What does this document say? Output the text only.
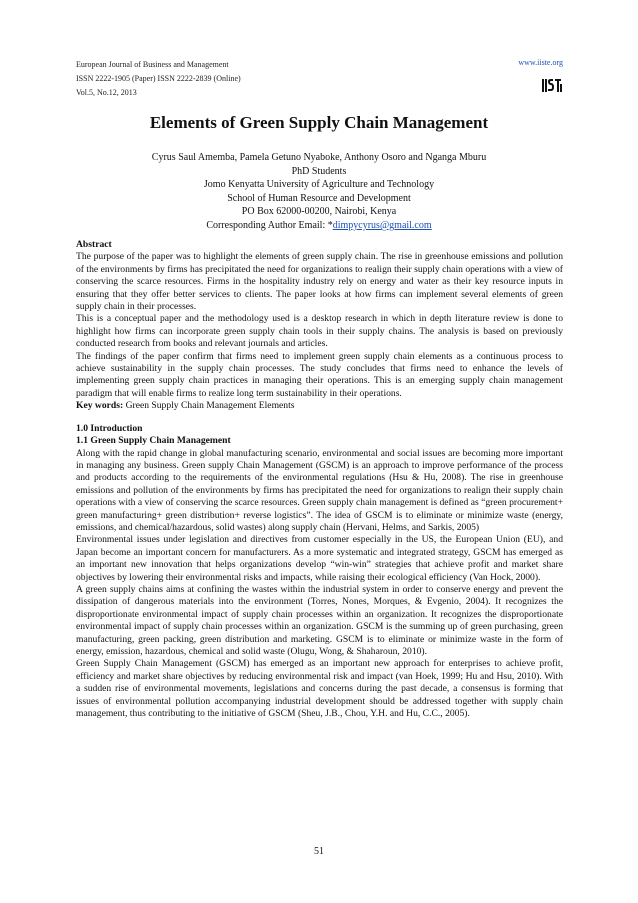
European Journal of Business and Management
ISSN 2222-1905 (Paper) ISSN 2222-2839 (Online)
Vol.5, No.12, 2013
www.iiste.org
Elements of Green Supply Chain Management
Cyrus Saul Amemba, Pamela Getuno Nyaboke, Anthony Osoro and Nganga Mburu
PhD Students
Jomo Kenyatta University of Agriculture and Technology
School of Human Resource and Development
PO Box 62000-00200, Nairobi, Kenya
Corresponding Author Email: *dimpycyrus@gmail.com

Abstract

The purpose of the paper was to highlight the elements of green supply chain. The rise in greenhouse emissions and pollution of the environments by firms has precipitated the need for organizations to realign their supply chain operations with a view of conserving the scarce resources. Firms in the hospitality industry rely on energy and water as their key resource inputs in ensuring that they offer better services to clients. The paper looks at how firms can implement several elements of green supply chain in their processes.

This is a conceptual paper and the methodology used is a desktop research in which in depth literature review is done to highlight how firms can incorporate green supply chain tools in their supply chains. The analysis is based on previously conducted research from books and relevant journals and articles.

The findings of the paper confirm that firms need to implement green supply chain elements as a continuous process to achieve sustainability in the supply chain processes. The study concludes that firms need to enhance the levels of implementing green supply chain practices in managing their operations. This is an emerging supply chain management paradigm that will enable firms to realize long term sustainability in their operations.

Key words: Green Supply Chain Management Elements

1.0 Introduction

1.1 Green Supply Chain Management

Along with the rapid change in global manufacturing scenario, environmental and social issues are becoming more important in managing any business. Green supply Chain Management (GSCM) is an approach to improve performance of the process and products according to the requirements of the environmental regulations (Hsu & Hu, 2008). The rise in greenhouse emissions and pollution of the environments by firms has precipitated the need for organizations to realign their supply chain operations with a view of conserving the scarce resources. Green supply chain management is defined as “green procurement+ green manufacturing+ green distribution+ reverse logistics”. The idea of GSCM is to eliminate or minimize waste (energy, emissions, and chemical/hazardous, solid wastes) along supply chain (Hervani, Helms, and Sarkis, 2005)

Environmental issues under legislation and directives from customer especially in the US, the European Union (EU), and Japan become an important concern for manufacturers. As a more systematic and integrated strategy, GSCM has emerged as an important new innovation that helps organizations develop “win-win” strategies that achieve profit and market share objectives by lowering their environmental risks and impacts, while raising their ecological efficiency (Van Hock, 2000).

A green supply chains aims at confining the wastes within the industrial system in order to conserve energy and prevent the dissipation of dangerous materials into the environment (Torres, Nones, Morques, & Evgenio, 2004). It recognizes the disproportionate environmental impact of supply chain processes within an organization. It recognizes the disproportionate environmental impact of supply chain processes within an organization. GSCM is the summing up of green purchasing, green manufacturing, green packing, green distribution and marketing. GSCM is to eliminate or minimize waste in the form of energy, emission, hazardous, chemical and solid waste (Olugu, Wong, & Shaharoun, 2010).

Green Supply Chain Management (GSCM) has emerged as an important new approach for enterprises to achieve profit, efficiency and market share objectives by reducing environmental risk and impact (van Hoek, 1999; Hu and Hsu, 2010). With a sudden rise of environmental movements, legislations and concerns during the past decade, a consensus is forming that issues of environmental pollution accompanying industrial development should be addressed together with supply chain management, thus contributing to the initiative of GSCM (Sheu, J.B., Chou, Y.H. and Hu, C.C., 2005).

51
